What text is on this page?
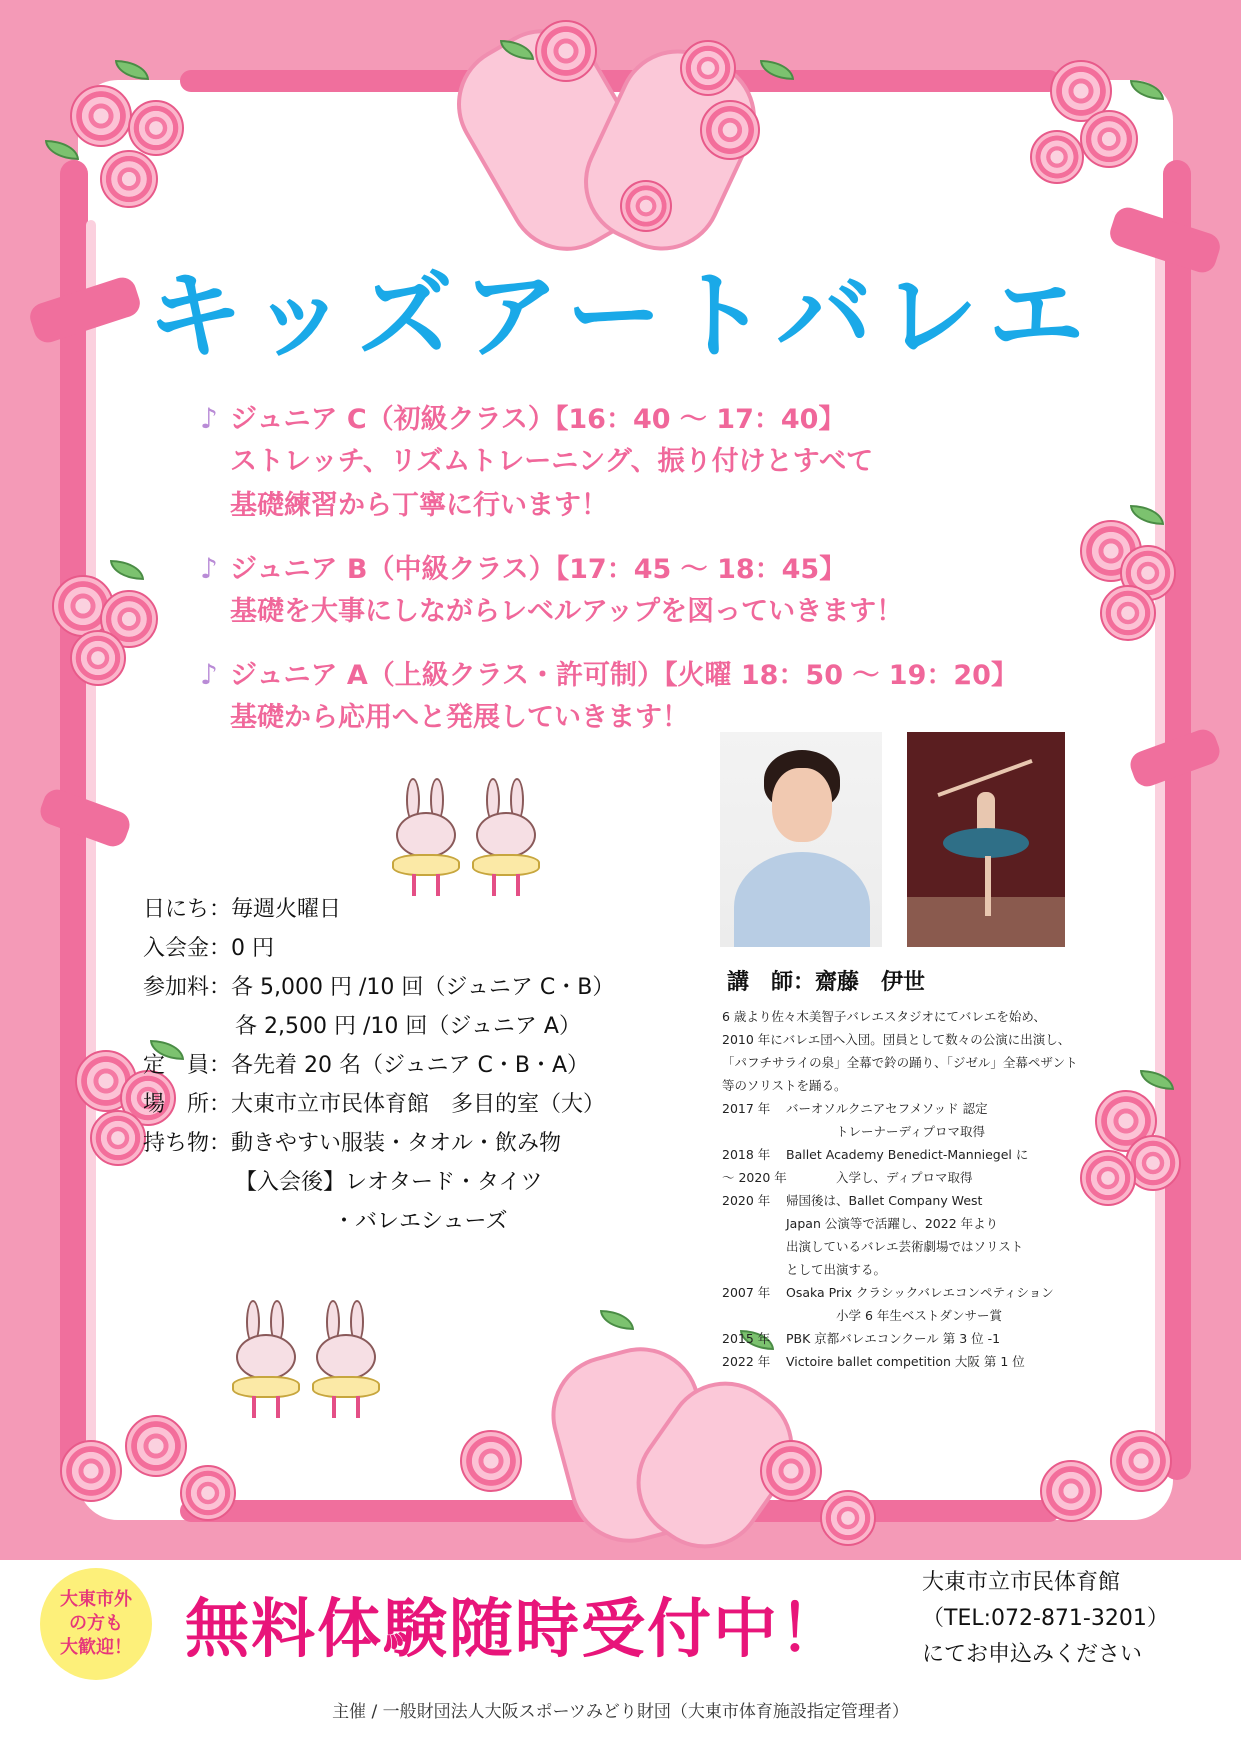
キッズアートバレエ
♪ ジュニア C（初級クラス）【16：40 ～ 17：40】
ストレッチ、リズムトレーニング、振り付けとすべて
基礎練習から丁寧に行います！
♪ ジュニア B（中級クラス）【17：45 ～ 18：45】
基礎を大事にしながらレベルアップを図っていきます！
♪ ジュニア A（上級クラス・許可制）【火曜 18：50 ～ 19：20】
基礎から応用へと発展していきます！
日にち： 毎週火曜日
入会金： 0 円
参加料： 各 5,000 円 /10 回（ジュニア C・B）
各 2,500 円 /10 回（ジュニア A）
定　員： 各先着 20 名（ジュニア C・B・A）
場　所： 大東市立市民体育館　多目的室（大）
持ち物： 動きやすい服装・タオル・飲み物
【入会後】レオタード・タイツ
・バレエシューズ
講　師：齋藤　伊世
6 歳より佐々木美智子バレエスタジオにてバレエを始め、
2010 年にバレエ団へ入団。団員として数々の公演に出演し、
「パフチサライの泉」全幕で鈴の踊り、「ジゼル」全幕ペザント
等のソリストを踊る。
2017 年	バーオソルクニアセフメソッド 認定
トレーナーディプロマ取得
2018 年	Ballet Academy Benedict-Manniegel に
～ 2020 年	入学し、ディプロマ取得
2020 年	帰国後は、Ballet Company West
Japan 公演等で活躍し、2022 年より
出演しているバレエ芸術劇場ではソリスト
として出演する。
2007 年	Osaka Prix クラシックバレエコンペティション
小学 6 年生ベストダンサー賞
2015 年	PBK 京都バレエコンクール 第 3 位 -1
2022 年	Victoire ballet competition 大阪 第 1 位
大東市外
の方も
大歓迎！ 無料体験随時受付中！
大東市立市民体育館
（TEL:072-871-3201）
にてお申込みください
主催 / 一般財団法人大阪スポーツみどり財団（大東市体育施設指定管理者）
